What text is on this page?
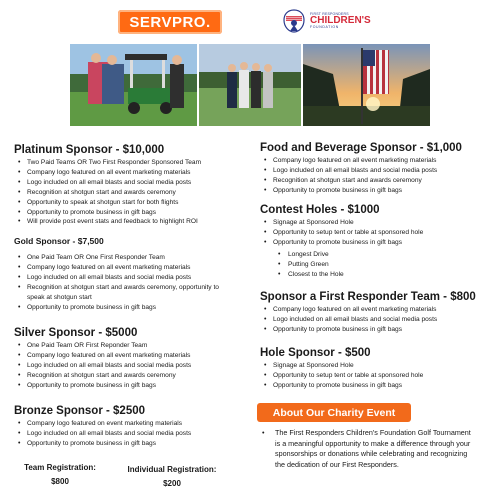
SERVPRO.	FIRST RESPONDERS
CHILDREN'S
FOUNDATION
Platinum Sponsor - $10,000
• Two Paid Teams OR Two First Responder Sponsored Team
• Company logo featured on all event marketing materials
• Logo included on all email blasts and social media posts
• Recognition at shotgun start and awards ceremony
• Opportunity to speak at shotgun start for both flights
• Opportunity to promote business in gift bags
• Will provide post event stats and feedback to highlight ROI
Gold Sponsor - $7,500
• One Paid Team OR One First Responder Team
• Company logo featured on all event marketing materials
• Logo included on all email blasts and social media posts
• Recognition at shotgun start and awards ceremony, opportunity to speak at shotgun start
• Opportunity to promote business in gift bags
Silver Sponsor - $5000
• One Paid Team OR First Reponder Team
• Company logo featured on all event marketing materials
• Logo included on all email blasts and social media posts
• Recognition at shotgun start and awards ceremony
• Opportunity to promote business in gift bags
Bronze Sponsor - $2500
• Company logo featured on event marketing materials
• Logo included on all email blasts and social media posts
• Opportunity to promote business in gift bags
Team Registration:
$800
Individual Registration:
$200
Food and Beverage Sponsor - $1,000
• Company logo featured on all event marketing materials
• Logo included on all email blasts and social media posts
• Recognition at shotgun start and awards ceremony
• Opportunity to promote business in gift bags
Contest Holes - $1000
• Signage at Sponsored Hole
• Opportunity to setup tent or table at sponsored hole
• Opportunity to promote business in gift bags
• Longest Drive
• Putting Green
• Closest to the Hole
Sponsor a First Responder Team - $800
• Company logo featured on all event marketing materials
• Logo included on all email blasts and social media posts
• Opportunity to promote business in gift bags
Hole Sponsor - $500
• Signage at Sponsored Hole
• Opportunity to setup tent or table at sponsored hole
• Opportunity to promote business in gift bags
About Our Charity Event
• The First Responders Children's Foundation Golf Tournament is a meaningful opportunity to make a difference through your sponsorships or donations while celebrating and recognizing the dedication of our First Responders.
